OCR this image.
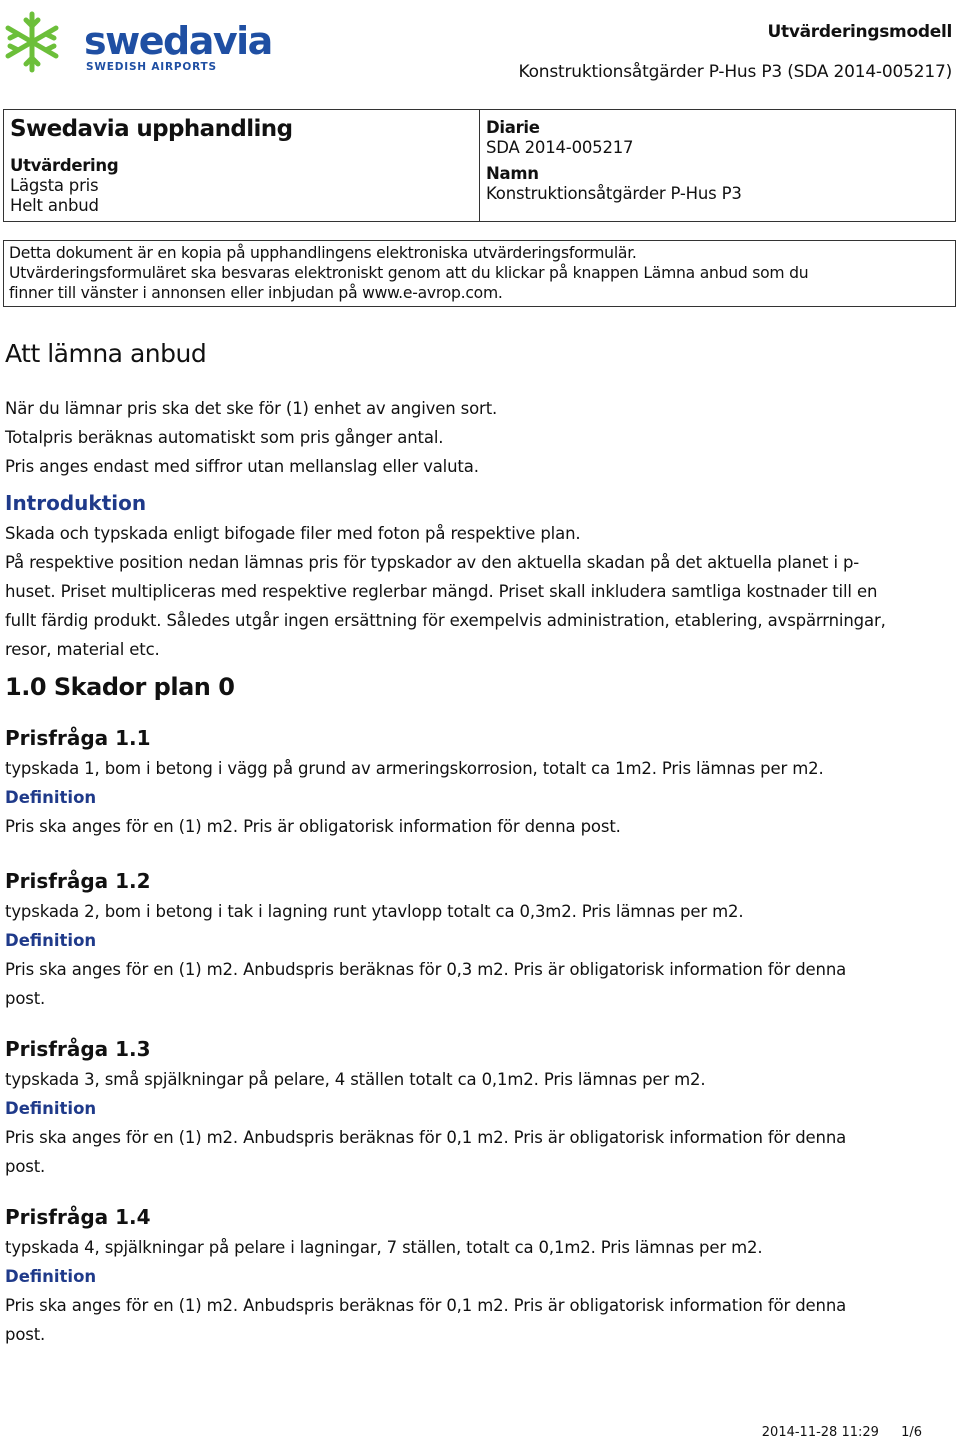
swedavia
SWEDISH AIRPORTS
Utvärderingsmodell
Konstruktionsåtgärder P-Hus P3 (SDA 2014-005217)
Swedavia upphandling
Utvärdering
Lägsta pris
Helt anbud
Diarie
SDA 2014-005217
Namn
Konstruktionsåtgärder P-Hus P3
Detta dokument är en kopia på upphandlingens elektroniska utvärderingsformulär.
Utvärderingsformuläret ska besvaras elektroniskt genom att du klickar på knappen Lämna anbud som du
finner till vänster i annonsen eller inbjudan på www.e-avrop.com.
Att lämna anbud

När du lämnar pris ska det ske för (1) enhet av angiven sort.

Totalpris beräknas automatiskt som pris gånger antal.

Pris anges endast med siffror utan mellanslag eller valuta.

Introduktion

Skada och typskada enligt bifogade filer med foton på respektive plan.

På respektive position nedan lämnas pris för typskador av den aktuella skadan på det aktuella planet i p-

huset. Priset multipliceras med respektive reglerbar mängd. Priset skall inkludera samtliga kostnader till en

fullt färdig produkt. Således utgår ingen ersättning för exempelvis administration, etablering, avspärrningar,

resor, material etc.

1.0 Skador plan 0

Prisfråga 1.1

typskada 1, bom i betong i vägg på grund av armeringskorrosion, totalt ca 1m2. Pris lämnas per m2.

Definition

Pris ska anges för en (1) m2. Pris är obligatorisk information för denna post.

Prisfråga 1.2

typskada 2, bom i betong i tak i lagning runt ytavlopp totalt ca 0,3m2. Pris lämnas per m2.

Definition

Pris ska anges för en (1) m2. Anbudspris beräknas för 0,3 m2. Pris är obligatorisk information för denna

post.

Prisfråga 1.3

typskada 3, små spjälkningar på pelare, 4 ställen totalt ca 0,1m2. Pris lämnas per m2.

Definition

Pris ska anges för en (1) m2. Anbudspris beräknas för 0,1 m2. Pris är obligatorisk information för denna

post.

Prisfråga 1.4

typskada 4, spjälkningar på pelare i lagningar, 7 ställen, totalt ca 0,1m2. Pris lämnas per m2.

Definition

Pris ska anges för en (1) m2. Anbudspris beräknas för 0,1 m2. Pris är obligatorisk information för denna

post.

2014-11-28 11:29 1/6
